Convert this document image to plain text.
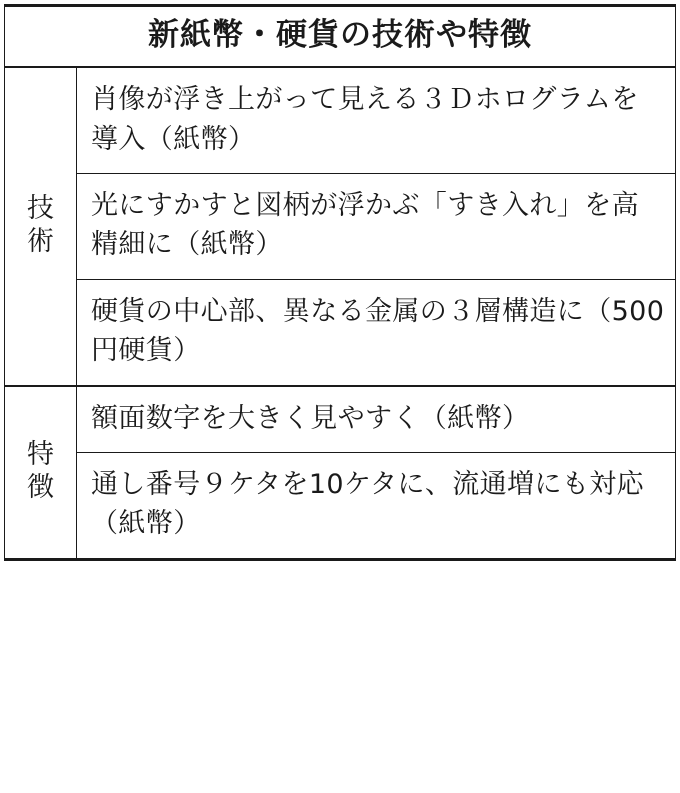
新紙幣・硬貨の技術や特徴	

技術	肖像が浮き上がって見える３Ｄホログラムを導入（紙幣）
	光にすかすと図柄が浮かぶ「すき入れ」を高精細に（紙幣）
	硬貨の中心部、異なる金属の３層構造に（500円硬貨）

特徴	額面数字を大きく見やすく（紙幣）
	通し番号９ケタを10ケタに、流通増にも対応（紙幣）
